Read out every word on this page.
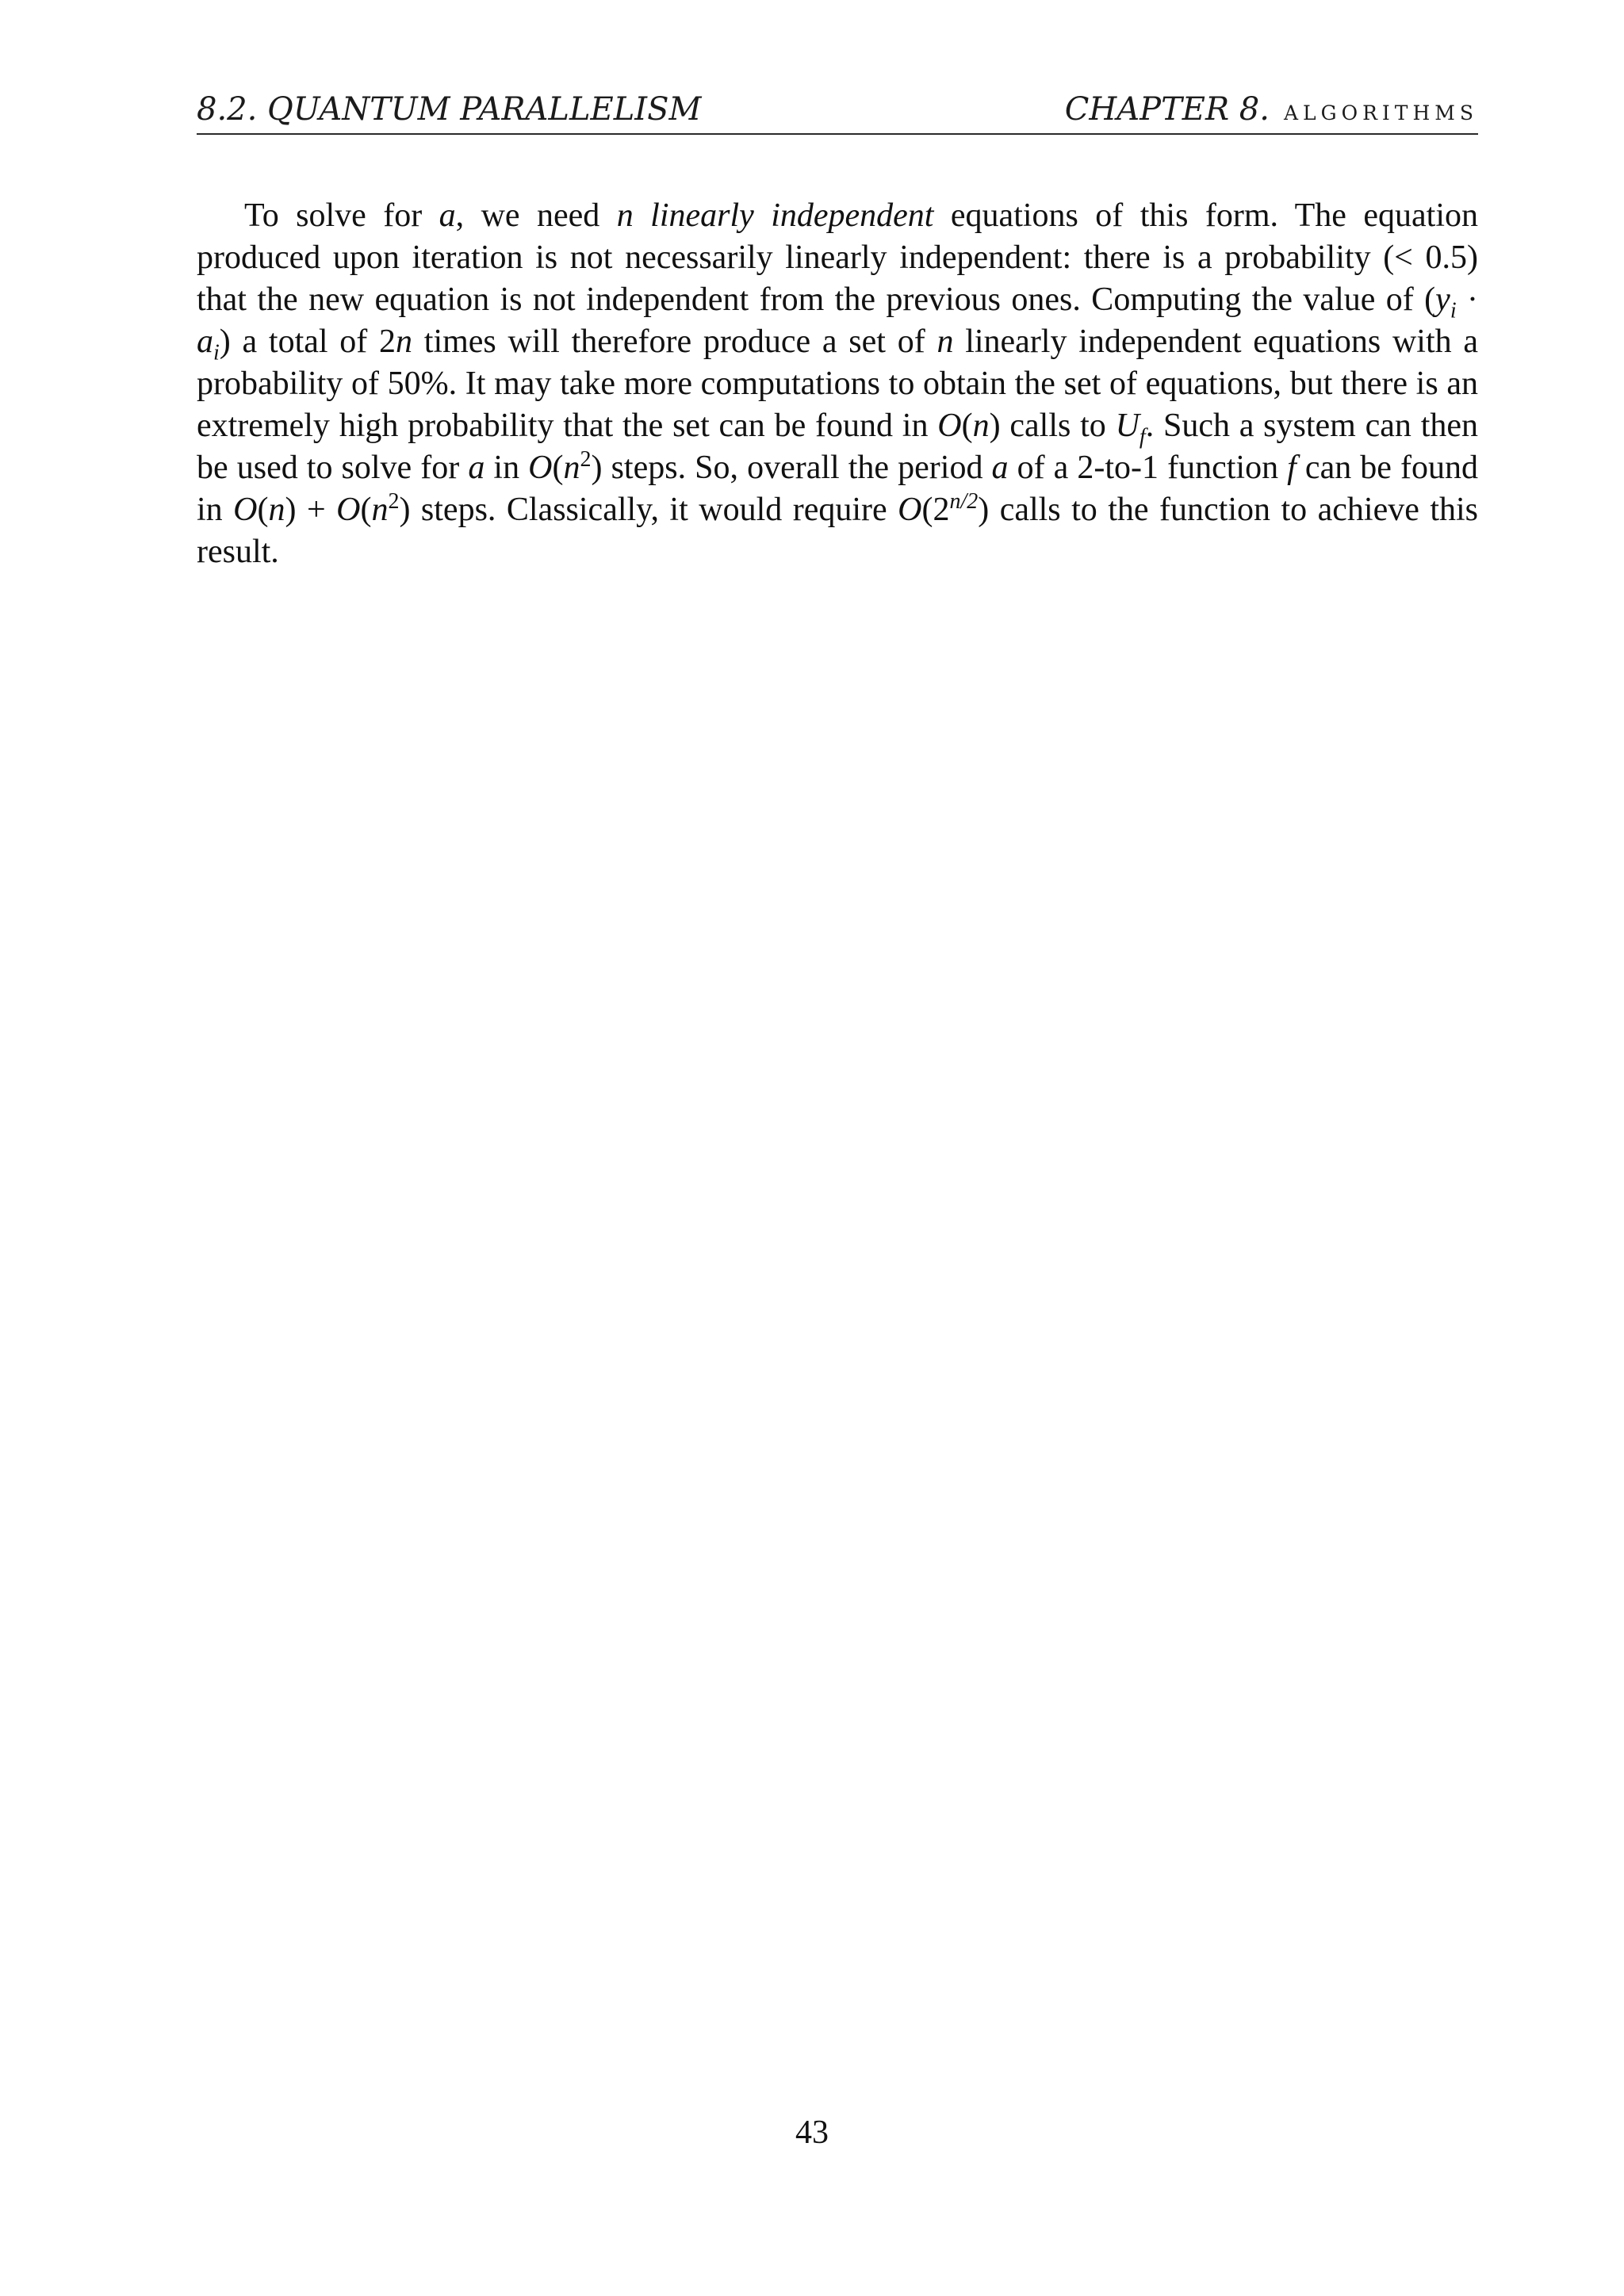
8.2. QUANTUM PARALLELISM	CHAPTER 8. algorithms

To solve for a, we need n linearly independent equations of this form. The equation produced upon iteration is not necessarily linearly independent: there is a probability (< 0.5) that the new equation is not independent from the previous ones. Computing the value of $(y_i \cdot a_i)$ a total of 2n times will therefore produce a set of n linearly independent equations with a probability of 50%. It may take more computations to obtain the set of equations, but there is an extremely high probability that the set can be found in O(n) calls to $U_f$. Such a system can then be used to solve for a in $O(n^2)$ steps. So, overall the period a of a 2-to-1 function f can be found in $O(n) + O(n^2)$ steps. Classically, it would require $O(2^{n/2})$ calls to the function to achieve this result.

43
